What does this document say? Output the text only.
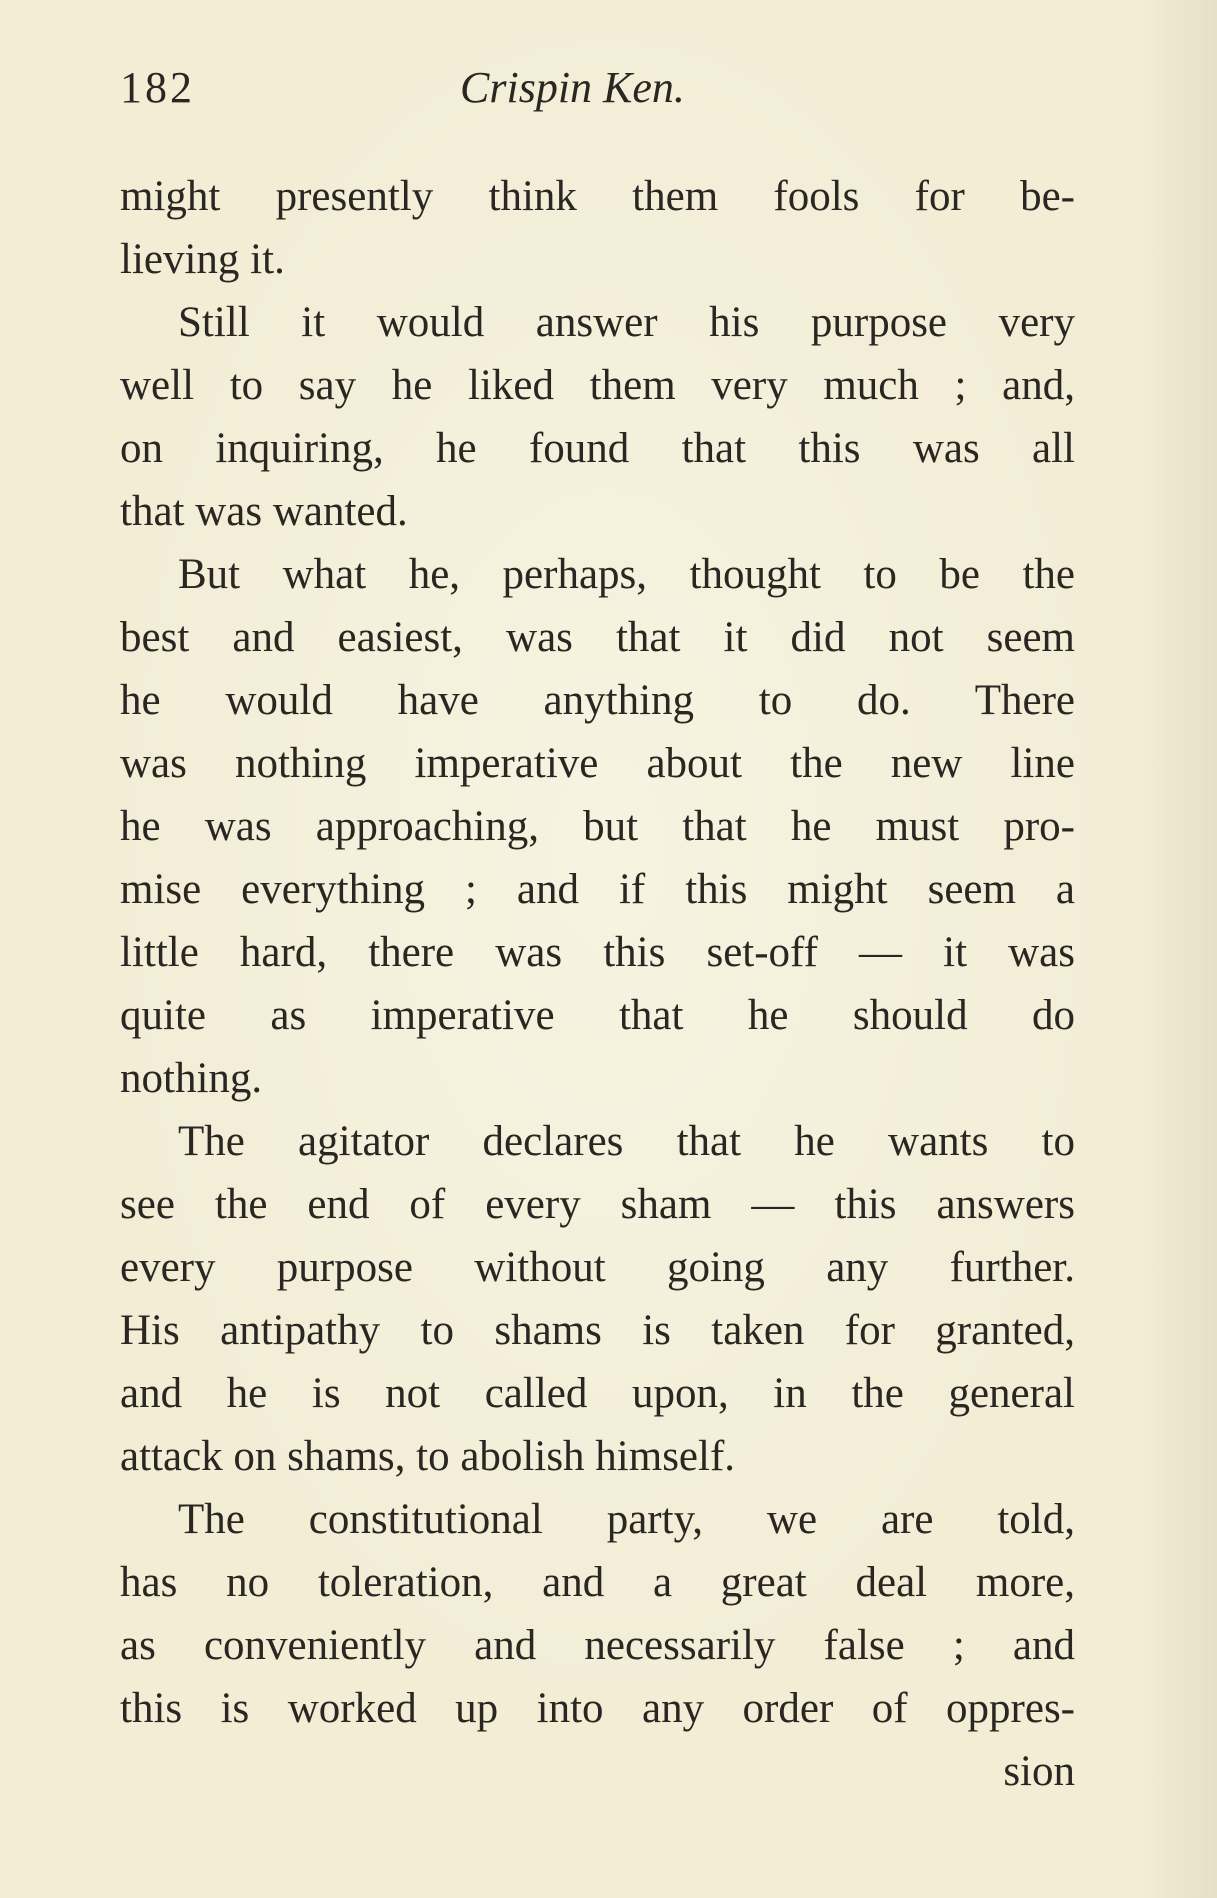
182	Crispin Ken.
might presently think them fools for be-
lieving it.
Still it would answer his purpose very
well to say he liked them very much ; and,
on inquiring, he found that this was all
that was wanted.
But what he, perhaps, thought to be the
best and easiest, was that it did not seem
he would have anything to do. There
was nothing imperative about the new line
he was approaching, but that he must pro-
mise everything ; and if this might seem a
little hard, there was this set-off — it was
quite as imperative that he should do
nothing.
The agitator declares that he wants to
see the end of every sham — this answers
every purpose without going any further.
His antipathy to shams is taken for granted,
and he is not called upon, in the general
attack on shams, to abolish himself.
The constitutional party, we are told,
has no toleration, and a great deal more,
as conveniently and necessarily false ; and
this is worked up into any order of oppres-
sion
